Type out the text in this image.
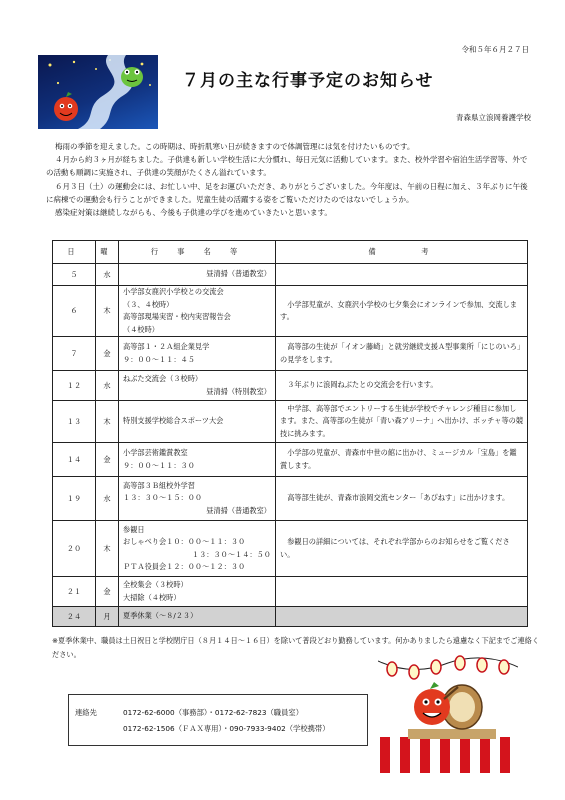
令和５年６月２７日
７月の主な行事予定のお知らせ
青森県立浪岡養護学校

梅雨の季節を迎えました。この時期は、時折肌寒い日が続きますので体調管理には気を付けたいものです。

４月から約３ヶ月が経ちました。子供達も新しい学校生活に大分慣れ、毎日元気に活動しています。また、校外学習や宿泊生活学習等、外での活動も順調に実施され、子供達の笑顔がたくさん溢れています。

６月３日（土）の運動会には、お忙しい中、足をお運びいただき、ありがとうございました。今年度は、午前の日程に加え、３年ぶりに午後に病棟での運動会も行うことができました。児童生徒の活躍する姿をご覧いただけたのではないでしょうか。

感染症対策は継続しながらも、今後も子供達の学びを進めていきたいと思います。

日	曜	行　事　名　等	備　　　考
５	水	昼清掃（普通教室）	

６	木	小学部女鹿沢小学校との交流会
（３、４校時）
高等部現場実習・校内実習報告会
（４校時）	　小学部児童が、女鹿沢小学校の七夕集会にオンラインで参加、交流します。
７	金	高等部１・２Ａ組企業見学
９：００～１１：４５	　高等部の生徒が「イオン藤崎」と就労継続支援Ａ型事業所「にじのいろ」の見学をします。
１２	水	ねぶた交流会（３校時）
昼清掃（特別教室）	　３年ぶりに浪岡ねぶたとの交流会を行います。
１３	木	特別支援学校総合スポーツ大会	　中学部、高等部でエントリーする生徒が学校でチャレンジ種目に参加します。また、高等部の生徒が「青い森アリーナ」へ出かけ、ボッチャ等の競技に挑みます。
１４	金	小学部芸術鑑賞教室
９：００～１１：３０	　小学部の児童が、青森市中世の館に出かけ、ミュージカル「宝島」を鑑賞します。
１９	水	高等部３Ｂ組校外学習
１３：３０～１５：００
昼清掃（普通教室）	　高等部生徒が、青森市浪岡交流センター「あぴねす」に出かけます。
２０	木	参観日
おしゃべり会１０：００～１１：３０
１３：３０～１４：５０
ＰＴＡ役員会１２：００～１２：３０	　参観日の詳細については、それぞれ学部からのお知らせをご覧ください。
２１	金	全校集会（３校時）
大掃除（４校時）	

２４	月	夏季休業（～８/２３）	

※夏季休業中、職員は土日祝日と学校閉庁日（８月１４日～１６日）を除いて普段どおり勤務しています。何かありましたら遠慮なく下記までご連絡ください。
連絡先	0172-62-6000（事務部）・0172-62-7823（職員室）
0172-62-1506（ＦＡＸ専用）・090-7933-9402（学校携帯）
